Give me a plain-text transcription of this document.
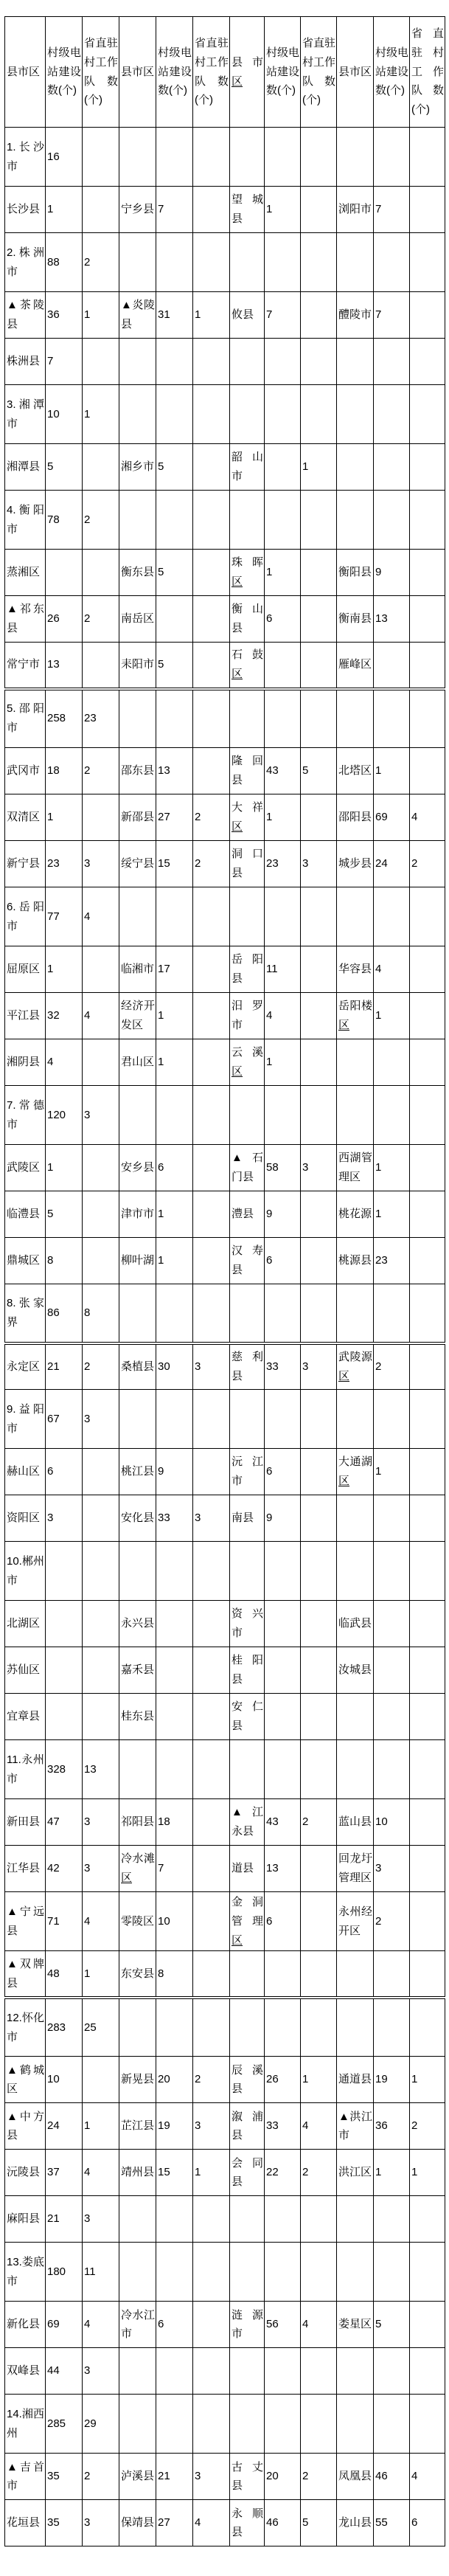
县市区	村级电站建设数(个)	省直驻村工作队数(个)	县市区	村级电站建设数(个)	省直驻村工作队数(个)	县市区	村级电站建设数(个)	省直驻村工作队数(个)	县市区	村级电站建设数(个)	省直驻村工作队数(个)
1.长沙市	16										
长沙县	1		宁乡县	7		望城县	1		浏阳市	7	
2.株洲市	88	2									
▲茶陵县	36	1	▲炎陵县	31	1	攸县	7		醴陵市	7	
株洲县	7										
3.湘潭市	10	1									
湘潭县	5		湘乡市	5		韶山市		1			
4.衡阳市	78	2									
蒸湘区			衡东县	5		珠晖区	1		衡阳县	9	
▲祁东县	26	2	南岳区			衡山县	6		衡南县	13	
常宁市	13		耒阳市	5		石鼓区			雁峰区		
5.邵阳市	258	23									
武冈市	18	2	邵东县	13		隆回县	43	5	北塔区	1	
双清区	1		新邵县	27	2	大祥区	1		邵阳县	69	4
新宁县	23	3	绥宁县	15	2	洞口县	23	3	城步县	24	2
6.岳阳市	77	4									
屈原区	1		临湘市	17		岳阳县	11		华容县	4	
平江县	32	4	经济开发区	1		汨罗市	4		岳阳楼区	1	
湘阴县	4		君山区	1		云溪区	1				
7.常德市	120	3									
武陵区	1		安乡县	6		▲石门县	58	3	西湖管理区	1	
临澧县	5		津市市	1		澧县	9		桃花源	1	
鼎城区	8		柳叶湖	1		汉寿县	6		桃源县	23	
8.张家界	86	8									
永定区	21	2	桑植县	30	3	慈利县	33	3	武陵源区	2	
9.益阳市	67	3									
赫山区	6		桃江县	9		沅江市	6		大通湖区	1	
资阳区	3		安化县	33	3	南县	9				
10.郴州市											
北湖区			永兴县			资兴市			临武县		
苏仙区			嘉禾县			桂阳县			汝城县		
宜章县			桂东县			安仁县					
11.永州市	328	13									
新田县	47	3	祁阳县	18		▲江永县	43	2	蓝山县	10	
江华县	42	3	冷水滩区	7		道县	13		回龙圩管理区	3	
▲宁远县	71	4	零陵区	10		金洞管理区	6		永州经开区	2	
▲双牌县	48	1	东安县	8							
12.怀化市	283	25									
▲鹤城区	10		新晃县	20	2	辰溪县	26	1	通道县	19	1
▲中方县	24	1	芷江县	19	3	溆浦县	33	4	▲洪江市	36	2
沅陵县	37	4	靖州县	15	1	会同县	22	2	洪江区	1	1
麻阳县	21	3									
13.娄底市	180	11									
新化县	69	4	冷水江市	6		涟源市	56	4	娄星区	5	
双峰县	44	3									
14.湘西州	285	29									
▲吉首市	35	2	泸溪县	21	3	古丈县	20	2	凤凰县	46	4
花垣县	35	3	保靖县	27	4	永顺县	46	5	龙山县	55	6
